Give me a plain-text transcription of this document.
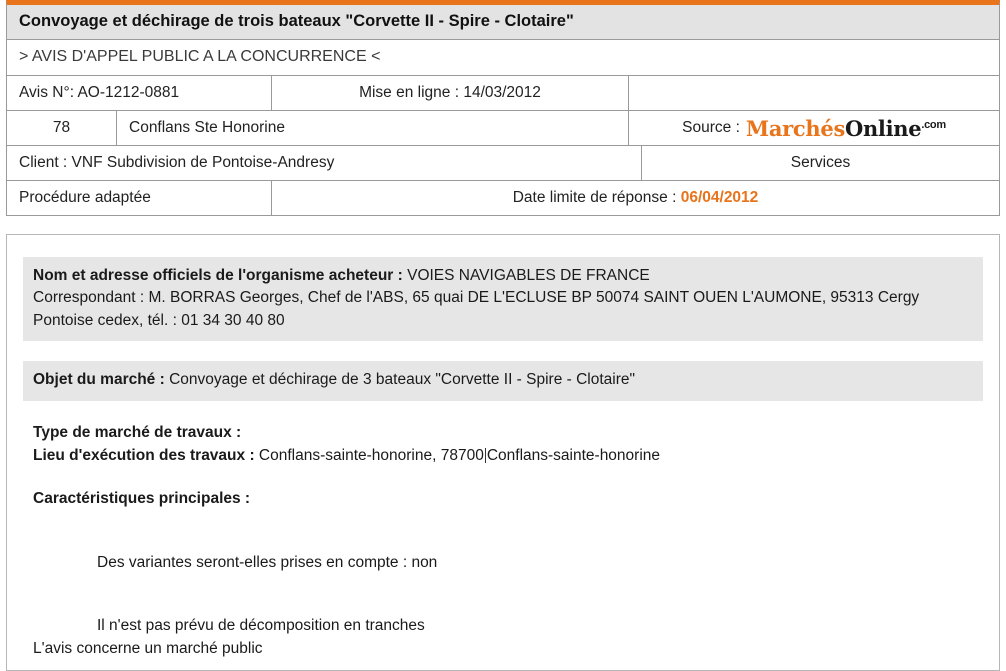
Convoyage et déchirage de trois bateaux "Corvette II - Spire - Clotaire"
> AVIS D'APPEL PUBLIC A LA CONCURRENCE <
Avis N°: AO-1212-0881	Mise en ligne : 14/03/2012
78	Conflans Ste Honorine	Source : MarchésOnline$^{.com}$
Client : VNF Subdivision de Pontoise-Andresy	Services
Procédure adaptée	Date limite de réponse : 06/04/2012
Nom et adresse officiels de l'organisme acheteur : VOIES NAVIGABLES DE FRANCE
Correspondant : M. BORRAS Georges, Chef de l'ABS, 65 quai DE L'ECLUSE BP 50074 SAINT OUEN L'AUMONE, 95313 Cergy Pontoise cedex, tél. : 01 34 30 40 80
Objet du marché : Convoyage et déchirage de 3 bateaux "Corvette II - Spire - Clotaire"
Type de marché de travaux :
Lieu d'exécution des travaux : Conflans-sainte-honorine, 78700 Conflans-sainte-honorine
Caractéristiques principales :
Des variantes seront-elles prises en compte : non
Il n'est pas prévu de décomposition en tranches
L'avis concerne un marché public
